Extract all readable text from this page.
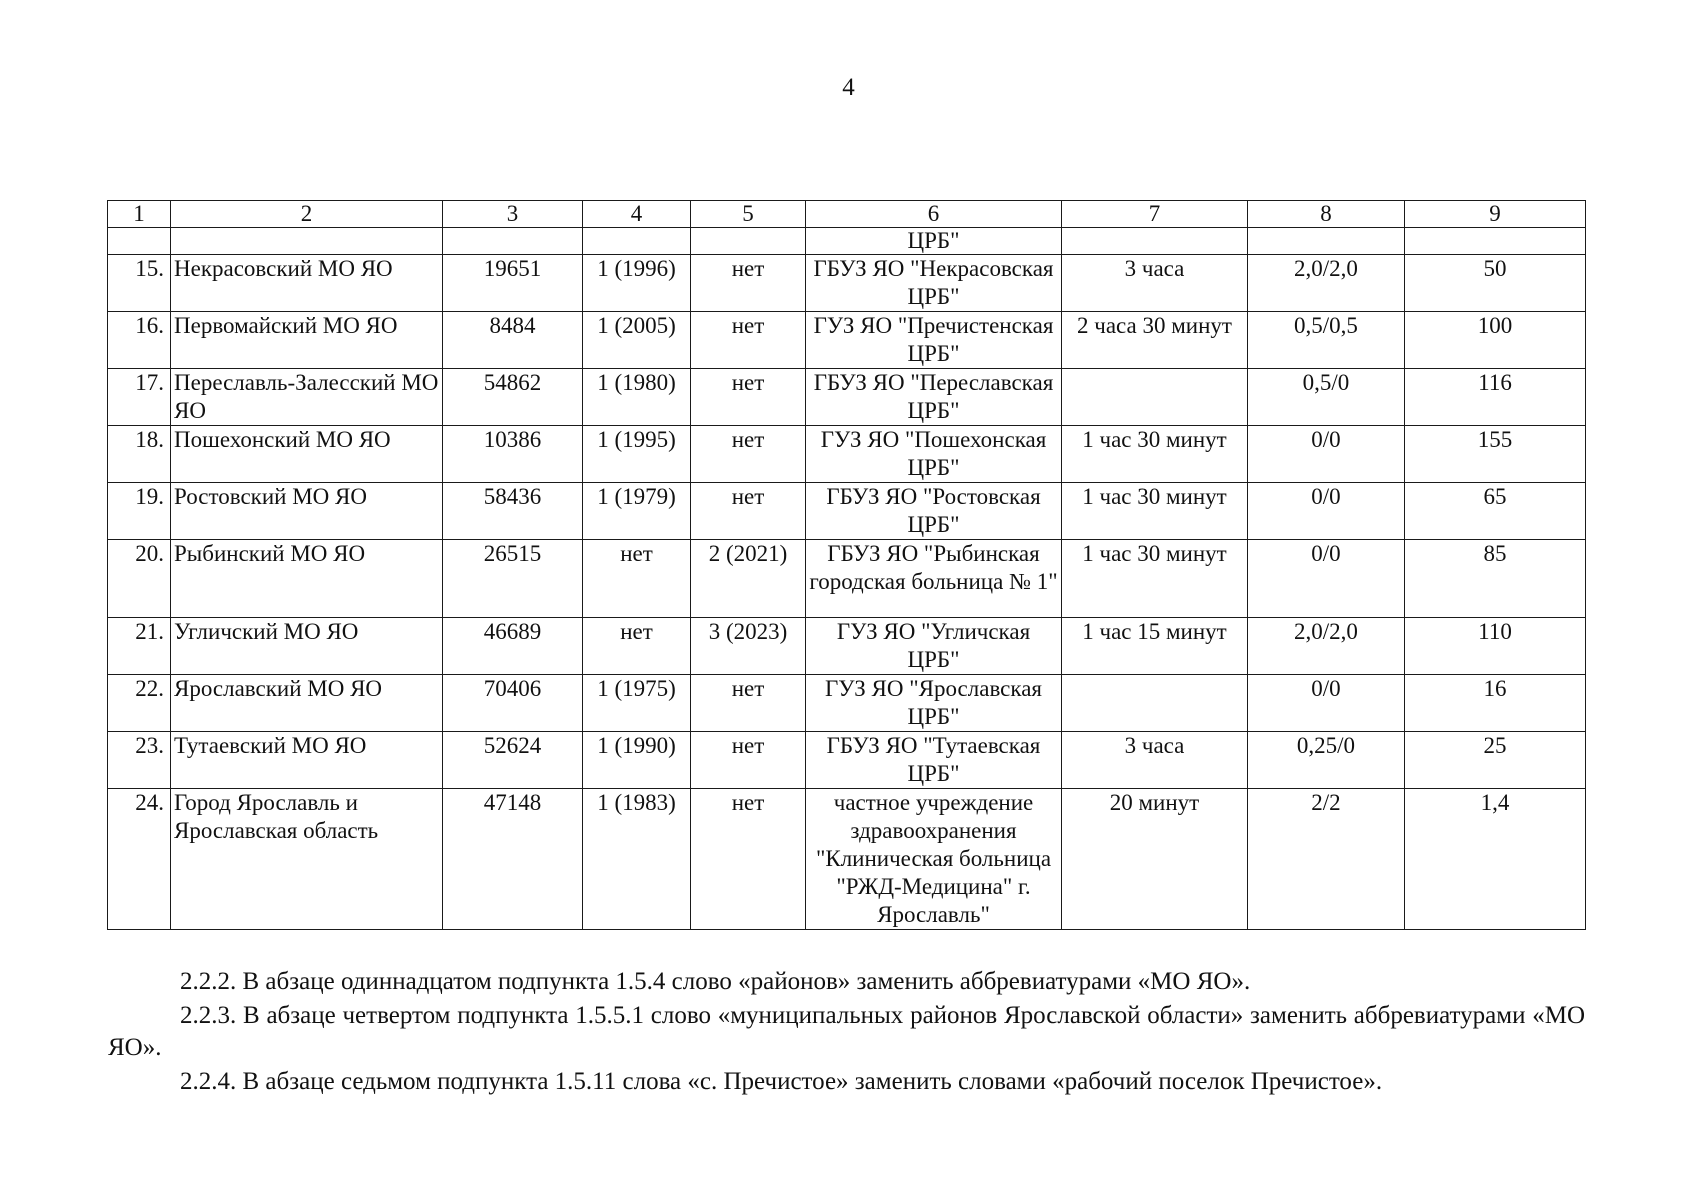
4
1	2	3	4	5	6	7	8	9
					ЦРБ"			
15.	Некрасовский МО ЯО	19651	1 (1996)	нет	ГБУЗ ЯО "Некрасовская ЦРБ"	3 часа	2,0/2,0	50
16.	Первомайский МО ЯО	8484	1 (2005)	нет	ГУЗ ЯО "Пречистенская ЦРБ"	2 часа 30 минут	0,5/0,5	100
17.	Переславль-Залесский МО ЯО	54862	1 (1980)	нет	ГБУЗ ЯО "Переславская ЦРБ"		0,5/0	116
18.	Пошехонский МО ЯО	10386	1 (1995)	нет	ГУЗ ЯО "Пошехонская ЦРБ"	1 час 30 минут	0/0	155
19.	Ростовский МО ЯО	58436	1 (1979)	нет	ГБУЗ ЯО "Ростовская ЦРБ"	1 час 30 минут	0/0	65
20.	Рыбинский МО ЯО	26515	нет	2 (2021)	ГБУЗ ЯО "Рыбинская городская больница № 1"	1 час 30 минут	0/0	85
21.	Угличский МО ЯО	46689	нет	3 (2023)	ГУЗ ЯО "Угличская ЦРБ"	1 час 15 минут	2,0/2,0	110
22.	Ярославский МО ЯО	70406	1 (1975)	нет	ГУЗ ЯО "Ярославская ЦРБ"		0/0	16
23.	Тутаевский МО ЯО	52624	1 (1990)	нет	ГБУЗ ЯО "Тутаевская ЦРБ"	3 часа	0,25/0	25
24.	Город Ярославль и Ярославская область	47148	1 (1983)	нет	частное учреждение здравоохранения "Клиническая больница "РЖД-Медицина" г. Ярославль"	20 минут	2/2	1,4

2.2.2. В абзаце одиннадцатом подпункта 1.5.4 слово «районов» заменить аббревиатурами «МО ЯО».

2.2.3. В абзаце четвертом подпункта 1.5.5.1 слово «муниципальных районов Ярославской области» заменить аббревиатурами «МО ЯО».

2.2.4. В абзаце седьмом подпункта 1.5.11 слова «с. Пречистое» заменить словами «рабочий поселок Пречистое».
